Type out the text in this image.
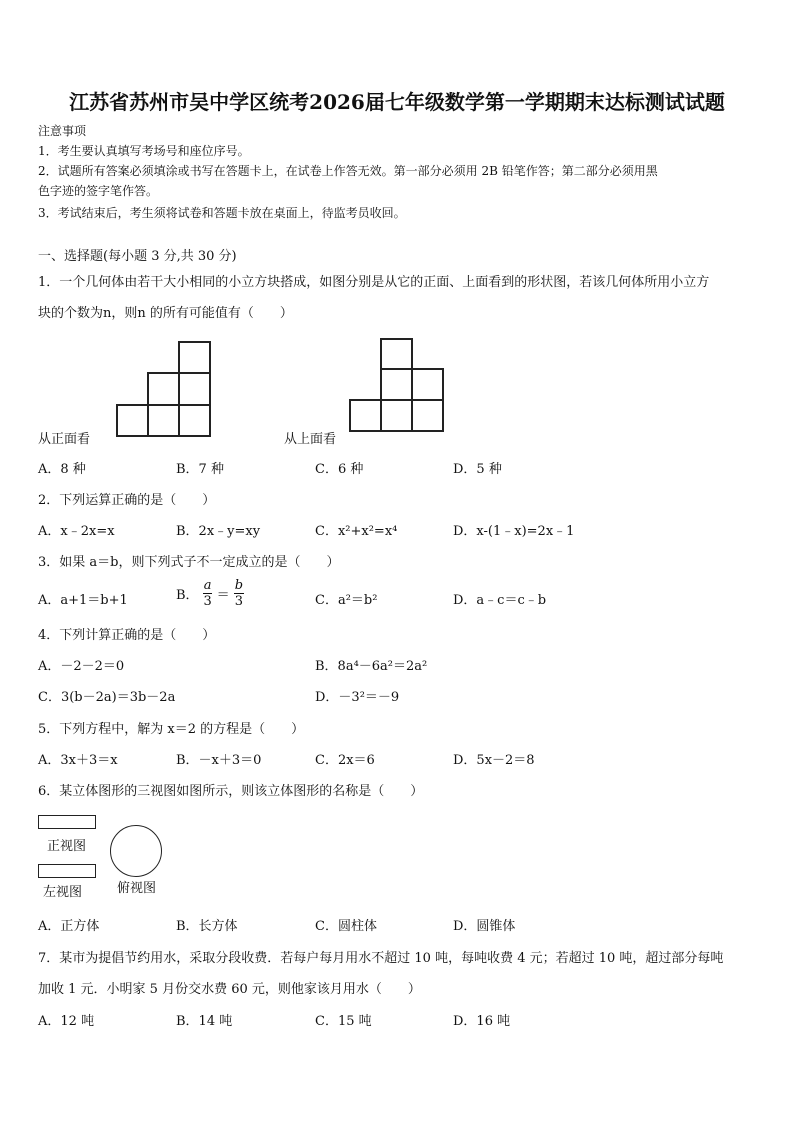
江苏省苏州市吴中学区统考2026届七年级数学第一学期期末达标测试试题
注意事项
1．考生要认真填写考场号和座位序号。
2．试题所有答案必须填涂或书写在答题卡上，在试卷上作答无效。第一部分必须用 2B 铅笔作答；第二部分必须用黑
色字迹的签字笔作答。
3．考试结束后，考生须将试卷和答题卡放在桌面上，待监考员收回。
一、选择题(每小题 3 分,共 30 分)
1．一个几何体由若干大小相同的小立方块搭成，如图分别是从它的正面、上面看到的形状图，若该几何体所用小立方
块的个数为n，则n 的所有可能值有（　　）
从正面看	从上面看
A．8 种	B．7 种	C．6 种	D．5 种
2．下列运算正确的是（　　）
A．x﹣2x=x	B．2x﹣y=xy	C．x²+x²=x⁴	D．x-(1﹣x)=2x﹣1
3．如果 a＝b，则下列式子不一定成立的是（　　）
A．a+1＝b+1	B． $\frac{a}{3} = \frac{b}{3}$	C．a²＝b²	D．a﹣c＝c﹣b
4．下列计算正确的是（　　）
A．－2－2＝0	B．8a⁴－6a²＝2a²
C．3(b－2a)＝3b－2a	D．－3²＝－9
5．下列方程中，解为 x＝2 的方程是（　　）
A．3x＋3＝x	B．－x＋3＝0	C．2x＝6	D．5x－2＝8
6．某立体图形的三视图如图所示，则该立体图形的名称是（　　）
正视图
左视图	俯视图
A．正方体	B．长方体	C．圆柱体	D．圆锥体
7．某市为提倡节约用水，采取分段收费．若每户每月用水不超过 10 吨，每吨收费 4 元；若超过 10 吨，超过部分每吨
加收 1 元．小明家 5 月份交水费 60 元，则他家该月用水（　　）
A．12 吨	B．14 吨	C．15 吨	D．16 吨
